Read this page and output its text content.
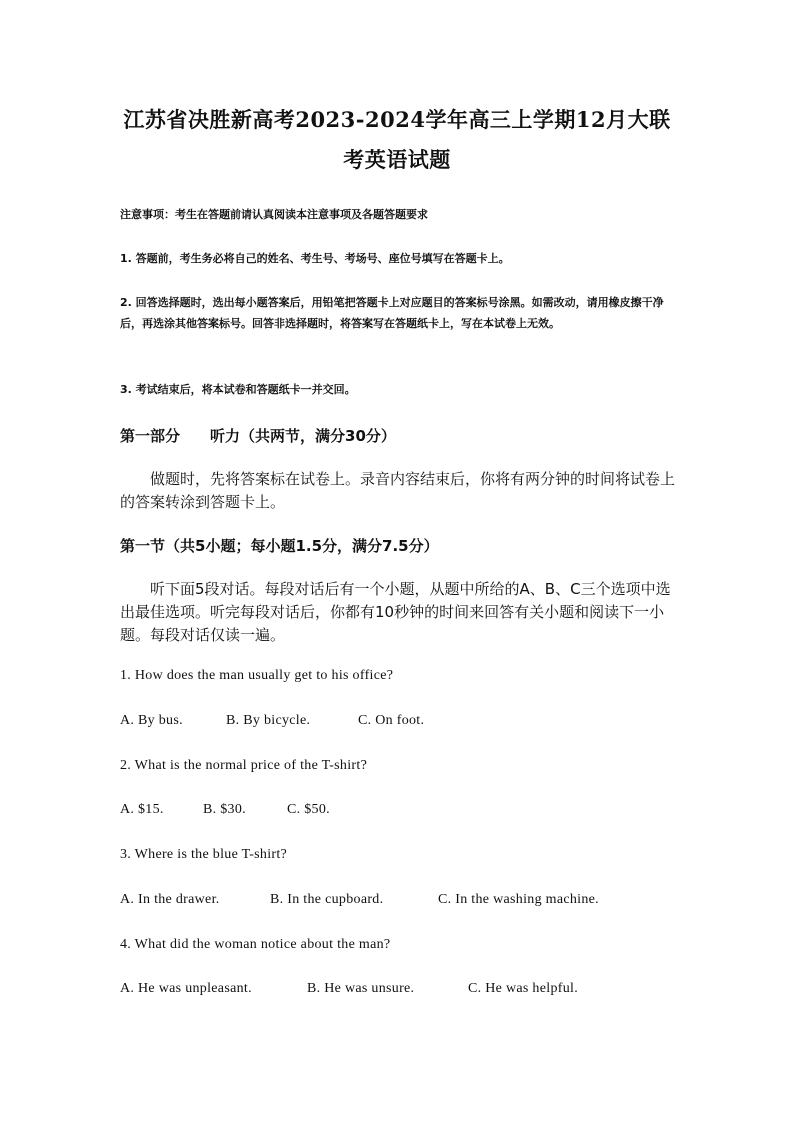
江苏省决胜新高考2023-2024学年高三上学期12月大联
考英语试题
注意事项：考生在答题前请认真阅读本注意事项及各题答题要求
1. 答题前，考生务必将自己的姓名、考生号、考场号、座位号填写在答题卡上。
2. 回答选择题时，选出每小题答案后，用铅笔把答题卡上对应题目的答案标号涂黑。如需改动，请用橡皮擦干净后，再选涂其他答案标号。回答非选择题时，将答案写在答题纸卡上，写在本试卷上无效。
3. 考试结束后，将本试卷和答题纸卡一并交回。
第一部分　　听力（共两节，满分30分）
做题时，先将答案标在试卷上。录音内容结束后，你将有两分钟的时间将试卷上的答案转涂到答题卡上。
第一节（共5小题；每小题1.5分，满分7.5分）
听下面5段对话。每段对话后有一个小题，从题中所给的A、B、C三个选项中选出最佳选项。听完每段对话后，你都有10秒钟的时间来回答有关小题和阅读下一小题。每段对话仅读一遍。
1. How does the man usually get to his office?
A. By bus.	B. By bicycle.	C. On foot.
2. What is the normal price of the T-shirt?
A. $15.	B. $30.	C. $50.
3. Where is the blue T-shirt?
A. In the drawer.	B. In the cupboard.	C. In the washing machine.
4. What did the woman notice about the man?
A. He was unpleasant.	B. He was unsure.	C. He was helpful.
